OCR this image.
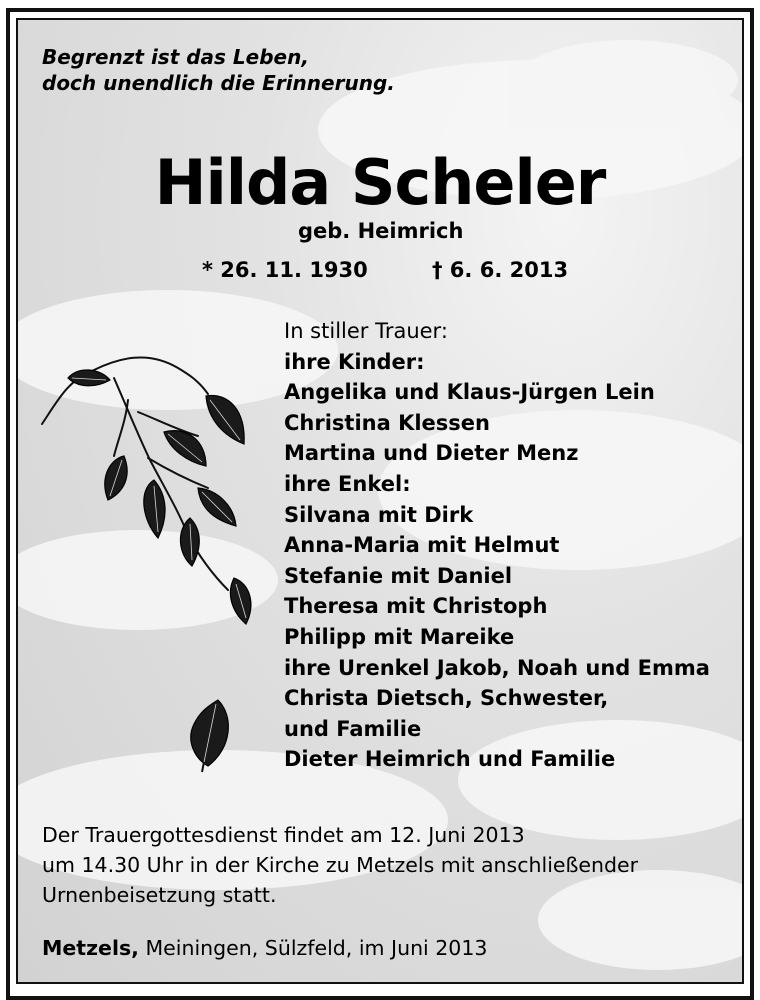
Begrenzt ist das Leben,
doch unendlich die Erinnerung.
Hilda Scheler
geb. Heimrich
* 26. 11. 1930	† 6. 6. 2013
In stiller Trauer:
ihre Kinder:
Angelika und Klaus-Jürgen Lein
Christina Klessen
Martina und Dieter Menz
ihre Enkel:
Silvana mit Dirk
Anna-Maria mit Helmut
Stefanie mit Daniel
Theresa mit Christoph
Philipp mit Mareike
ihre Urenkel Jakob, Noah und Emma
Christa Dietsch, Schwester,
und Familie
Dieter Heimrich und Familie
Der Trauergottesdienst findet am 12. Juni 2013
um 14.30 Uhr in der Kirche zu Metzels mit anschließender
Urnenbeisetzung statt.
Metzels, Meiningen, Sülzfeld, im Juni 2013
